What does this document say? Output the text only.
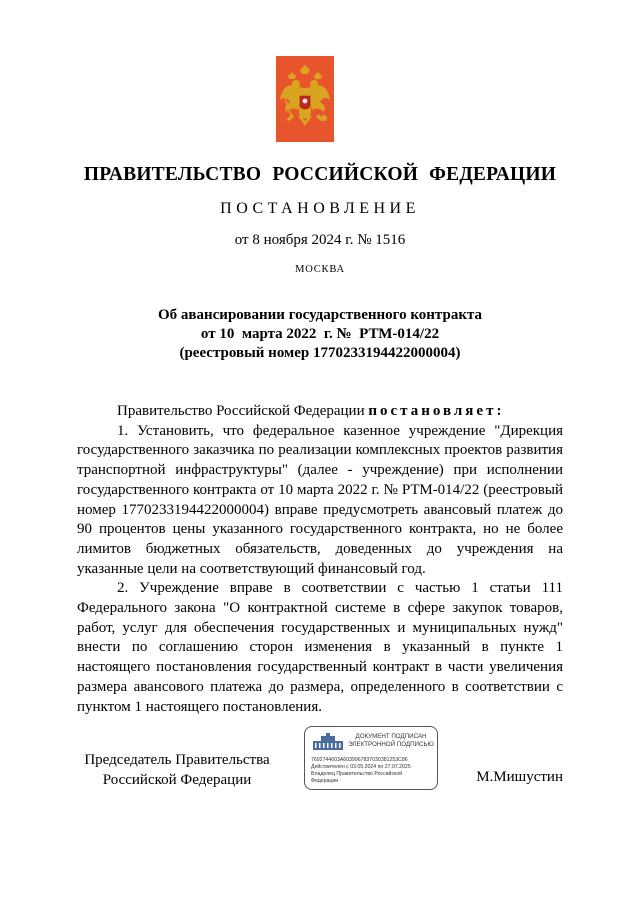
ПРАВИТЕЛЬСТВО РОССИЙСКОЙ ФЕДЕРАЦИИ
ПОСТАНОВЛЕНИЕ
от 8 ноября 2024 г. № 1516
МОСКВА
Об авансировании государственного контракта
от 10  марта 2022  г. №  РТМ-014/22
(реестровый номер 1770233194422000004)

Правительство Российской Федерации постановляет:

1. Установить, что федеральное казенное учреждение "Дирекция государственного заказчика по реализации комплексных проектов развития транспортной инфраструктуры" (далее - учреждение) при исполнении государственного контракта от 10 марта 2022 г. № РТМ-014/22 (реестровый номер 1770233194422000004) вправе предусмотреть авансовый платеж до 90 процентов цены указанного государственного контракта, но не более лимитов бюджетных обязательств, доведенных до учреждения на указанные цели на соответствующий финансовый год.

2. Учреждение вправе в соответствии с частью 1 статьи 111 Федерального закона "О контрактной системе в сфере закупок товаров, работ, услуг для обеспечения государственных и муниципальных нужд" внести по соглашению сторон изменения в указанный в пункте 1 настоящего постановления государственный контракт в части увеличения размера авансового платежа до размера, определенного в соответствии с пунктом 1 настоящего постановления.

Председатель Правительства
Российской Федерации
ДОКУМЕНТ ПОДПИСАН
ЭЛЕКТРОННОЙ ПОДПИСЬЮ
7692744603A6039967837030381253C86
Действителен с 03.05.2024 по 27.07.2025
Владелец Правительство Российской
Федерации	М.Мишустин
